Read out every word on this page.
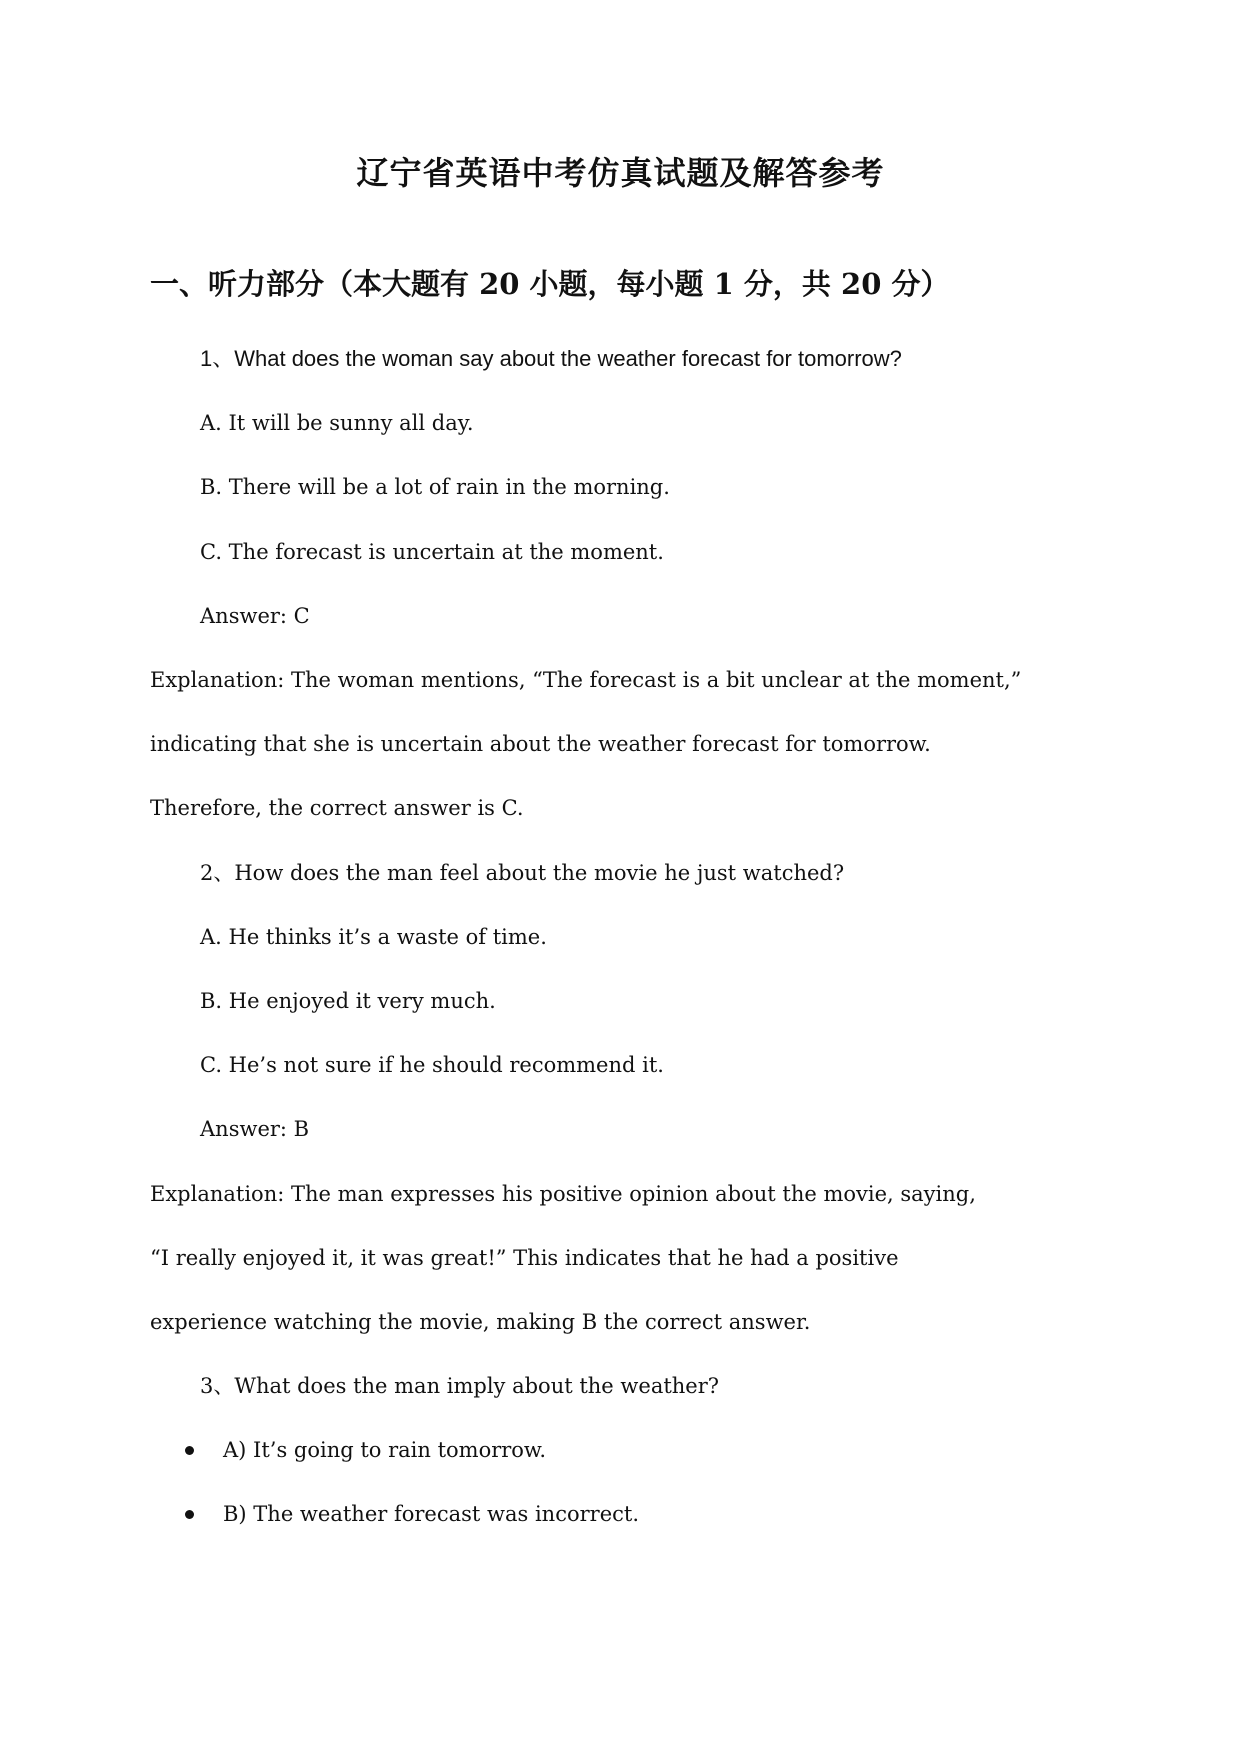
辽宁省英语中考仿真试题及解答参考
一、听力部分（本大题有 20 小题，每小题 1 分，共 20 分）

1、What does the woman say about the weather forecast for tomorrow?

A. It will be sunny all day.

B. There will be a lot of rain in the morning.

C. The forecast is uncertain at the moment.

Answer: C

Explanation: The woman mentions, “The forecast is a bit unclear at the moment,”

indicating that she is uncertain about the weather forecast for tomorrow.

Therefore, the correct answer is C.

2、How does the man feel about the movie he just watched?

A. He thinks it’s a waste of time.

B. He enjoyed it very much.

C. He’s not sure if he should recommend it.

Answer: B

Explanation: The man expresses his positive opinion about the movie, saying,

“I really enjoyed it, it was great!” This indicates that he had a positive

experience watching the movie, making B the correct answer.

3、What does the man imply about the weather?

A) It’s going to rain tomorrow.

B) The weather forecast was incorrect.
